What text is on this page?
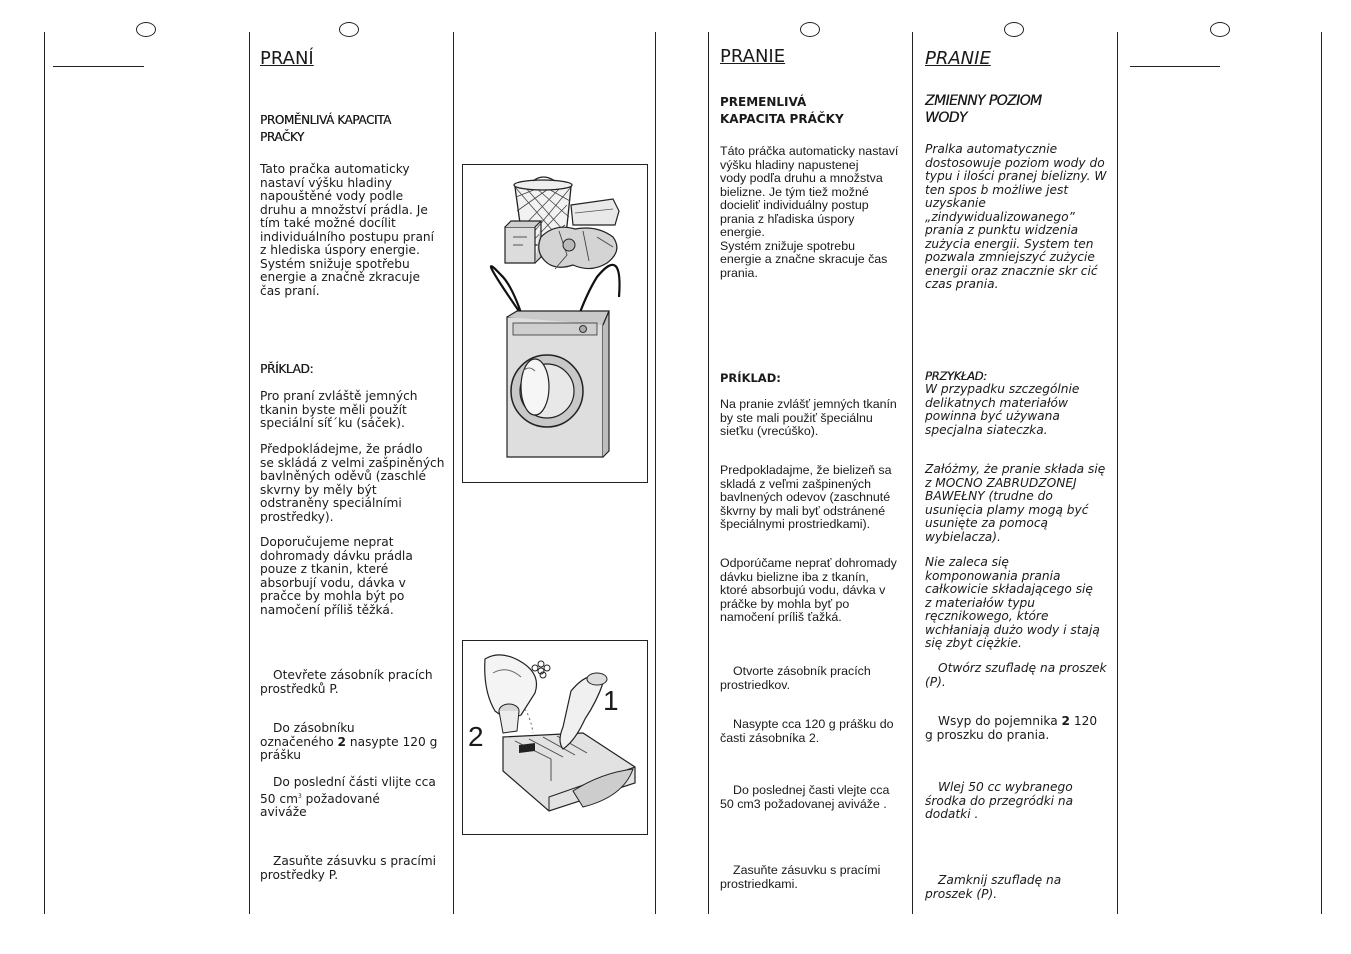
PRANÍ
PROMĚNLIVÁ KAPACITA
PRAČKY
Tato pračka automaticky
nastaví výšku hladiny
napouštěné vody podle
druhu a množství prádla. Je
tím také možné docílit
individuálního postupu praní
z hlediska úspory energie.
Systém snižuje spotřebu
energie a značně zkracuje
čas praní.
PŘÍKLAD:
Pro praní zvláště jemných
tkanin byste měli použít
speciální síť´ku (sáček).
Předpokládejme, že prádlo
se skládá z velmi zašpiněných
bavlněných oděvů (zaschlé
skvrny by měly být
odstraněny speciálními
prostředky).
Doporučujeme neprat
dohromady dávku prádla
pouze z tkanin, které
absorbují vodu, dávka v
pračce by mohla být po
namočení příliš těžká.
Otevřete zásobník pracích
prostředků P.
Do zásobníku
označeného 2 nasypte 120 g
prášku
Do poslední části vlijte cca
50 $cm^3$ požadované
aviváže
Zasuňte zásuvku s pracími
prostředky P.
1
2
PRANIE
PREMENLIVÁ
KAPACITA PRÁČKY
Táto práčka automaticky nastaví
výšku hladiny napustenej
vody podľa druhu a množstva
bielizne. Je tým tiež možné
docieliť individuálny postup
prania z hľadiska úspory
energie.
Systém znižuje spotrebu
energie a značne skracuje čas
prania.
PRÍKLAD:
Na pranie zvlášť jemných tkanín
by ste mali použiť špeciálnu
sieťku (vrecúško).
Predpokladajme, že bielizeň sa
skladá z veľmi zašpinených
bavlnených odevov (zaschnuté
škvrny by mali byť odstránené
špeciálnymi prostriedkami).
Odporúčame neprať dohromady
dávku bielizne iba z tkanín,
ktoré absorbujú vodu, dávka v
práčke by mohla byť po
namočení príliš ťažká.
Otvorte zásobník pracích
prostriedkov.
Nasypte cca 120 g prášku do
časti zásobníka 2.
Do poslednej časti vlejte cca
50 cm3 požadovanej aviváže .
Zasuňte zásuvku s pracími
prostriedkami.
PRANIE
ZMIENNY POZIOM
WODY
Pralka automatycznie
dostosowuje poziom wody do
typu i ilości pranej bielizny. W
ten spos b możliwe jest
uzyskanie
„zindywidualizowanego”
prania z punktu widzenia
zużycia energii. System ten
pozwala zmniejszyć zużycie
energii oraz znacznie skr cić
czas prania.
PRZYKŁAD:
W przypadku szczególnie
delikatnych materiałów
powinna być używana
specjalna siateczka.
Załóżmy, że pranie składa się
z MOCNO ZABRUDZONEJ
BAWEŁNY (trudne do
usunięcia plamy mogą być
usunięte za pomocą
wybielacza).
Nie zaleca się
komponowania prania
całkowicie składającego się
z materiałów typu
ręcznikowego, które
wchłaniają dużo wody i stają
się zbyt ciężkie.
Otwórz szufladę na proszek
(P).
Wsyp do pojemnika 2 120
g proszku do prania.
Wlej 50 cc wybranego
środka do przegródki na
dodatki .
Zamknij szufladę na
proszek (P).
